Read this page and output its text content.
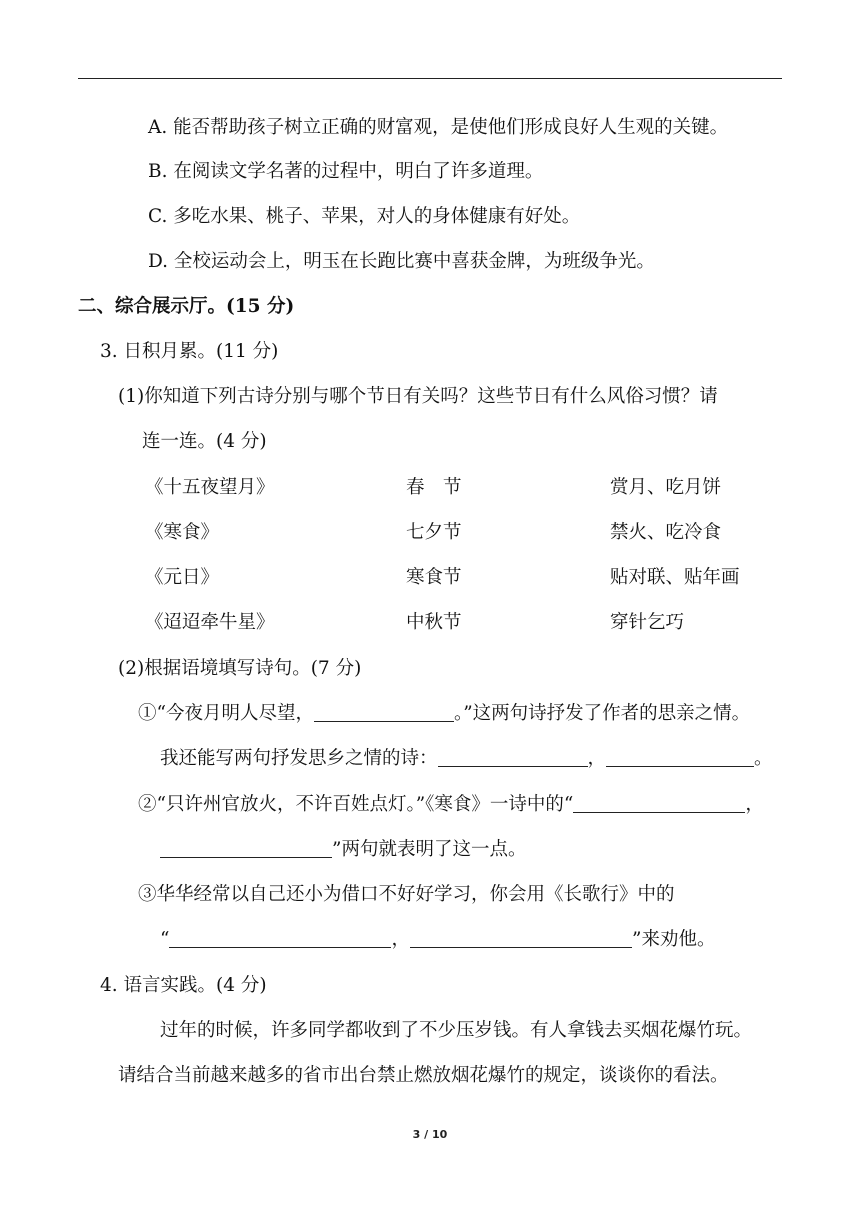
A. 能否帮助孩子树立正确的财富观，是使他们形成良好人生观的关键。
B. 在阅读文学名著的过程中，明白了许多道理。
C. 多吃水果、桃子、苹果，对人的身体健康有好处。
D. 全校运动会上，明玉在长跑比赛中喜获金牌，为班级争光。
二、综合展示厅。(15 分)
3. 日积月累。(11 分)
(1)你知道下列古诗分别与哪个节日有关吗？这些节日有什么风俗习惯？请
连一连。(4 分)
《十五夜望月》	春　节	赏月、吃月饼
《寒食》	七夕节	禁火、吃冷食
《元日》	寒食节	贴对联、贴年画
《迢迢牵牛星》	中秋节	穿针乞巧
(2)根据语境填写诗句。(7 分)
①“今夜月明人尽望，	。”这两句诗抒发了作者的思亲之情。
我还能写两句抒发思乡之情的诗：	，	。
②“只许州官放火，不许百姓点灯。”《寒食》一诗中的“	，
”两句就表明了这一点。
③华华经常以自己还小为借口不好好学习，你会用《长歌行》中的
“	，	”来劝他。
4. 语言实践。(4 分)
过年的时候，许多同学都收到了不少压岁钱。有人拿钱去买烟花爆竹玩。
请结合当前越来越多的省市出台禁止燃放烟花爆竹的规定，谈谈你的看法。
3 / 10
